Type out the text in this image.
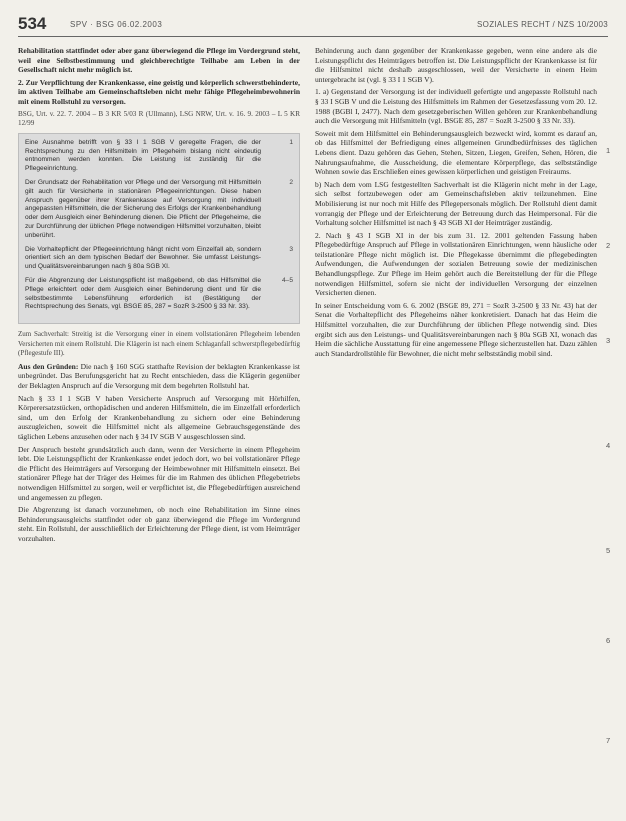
534	SPV · BSG 06.02.2003	SOZIALES RECHT / NZS 10/2003

Rehabilitation stattfindet oder aber ganz überwiegend die Pflege im Vordergrund steht, weil eine Selbstbestimmung und gleichberechtigte Teilhabe am Leben in der Gesellschaft nicht mehr möglich ist.

2. Zur Verpflichtung der Krankenkasse, eine geistig und körperlich schwerstbehinderte, im aktiven Teilhabe am Gemeinschaftsleben nicht mehr fähige Pflegeheimbewohnerin mit einem Rollstuhl zu versorgen.

BSG, Urt. v. 22. 7. 2004 – B 3 KR 5/03 R (Ullmann), LSG NRW, Urt. v. 16. 9. 2003 – L 5 KR 12/99

Eine Ausnahme betrifft von § 33 I 1 SGB V geregelte Fragen, die der Rechtsprechung zu den Hilfsmitteln im Pflegeheim bislang nicht eindeutig entnommen werden konnten. Die Leistung ist zuständig für die Pflegeeinrichtung.
1
Der Grundsatz der Rehabilitation vor Pflege und der Versorgung mit Hilfsmitteln gilt auch für Versicherte in stationären Pflegeeinrichtungen. Diese haben Anspruch gegenüber ihrer Krankenkasse auf Versorgung mit individuell angepassten Hilfsmitteln, die der Sicherung des Erfolgs der Krankenbehandlung oder dem Ausgleich einer Behinderung dienen. Die Pflicht der Pflegeheime, die zur Durchführung der üblichen Pflege notwendigen Hilfsmittel vorzuhalten, bleibt unberührt.
2
Die Vorhaltepflicht der Pflegeeinrichtung hängt nicht vom Einzelfall ab, sondern orientiert sich an dem typischen Bedarf der Bewohner. Sie umfasst Leistungs- und Qualitätsvereinbarungen nach § 80a SGB XI.
3
Für die Abgrenzung der Leistungspflicht ist maßgebend, ob das Hilfsmittel die Pflege erleichtert oder dem Ausgleich einer Behinderung dient und für die selbstbestimmte Lebensführung erforderlich ist (Bestätigung der Rechtsprechung des Senats, vgl. BSGE 85, 287 = SozR 3-2500 § 33 Nr. 33).
4–5

Zum Sachverhalt: Streitig ist die Versorgung einer in einem vollstationären Pflegeheim lebenden Versicherten mit einem Rollstuhl. Die Klägerin ist nach einem Schlaganfall schwerstpflegebedürftig (Pflegestufe III).

Aus den Gründen: Die nach § 160 SGG statthafte Revision der beklagten Krankenkasse ist unbegründet. Das Berufungsgericht hat zu Recht entschieden, dass die Klägerin gegenüber der Beklagten Anspruch auf die Versorgung mit dem begehrten Rollstuhl hat.

Nach § 33 I 1 SGB V haben Versicherte Anspruch auf Versorgung mit Hörhilfen, Körperersatzstücken, orthopädischen und anderen Hilfsmitteln, die im Einzelfall erforderlich sind, um den Erfolg der Krankenbehandlung zu sichern oder eine Behinderung auszugleichen, soweit die Hilfsmittel nicht als allgemeine Gebrauchsgegenstände des täglichen Lebens anzusehen oder nach § 34 IV SGB V ausgeschlossen sind.

Der Anspruch besteht grundsätzlich auch dann, wenn der Versicherte in einem Pflegeheim lebt. Die Leistungspflicht der Krankenkasse endet jedoch dort, wo bei vollstationärer Pflege die Pflicht des Heimträgers auf Versorgung der Heimbewohner mit Hilfsmitteln einsetzt. Bei stationärer Pflege hat der Träger des Heimes für die im Rahmen des üblichen Pflegebetriebs notwendigen Hilfsmittel zu sorgen, weil er verpflichtet ist, die Pflegebedürftigen ausreichend und angemessen zu pflegen.

Die Abgrenzung ist danach vorzunehmen, ob noch eine Rehabilitation im Sinne eines Behinderungsausgleichs stattfindet oder ob ganz überwiegend die Pflege im Vordergrund steht. Ein Rollstuhl, der ausschließlich der Erleichterung der Pflege dient, ist vom Heimträger vorzuhalten.

Behinderung auch dann gegenüber der Krankenkasse gegeben, wenn eine andere als die Leistungspflicht des Heimträgers betroffen ist. Die Leistungspflicht der Krankenkasse ist für die Hilfsmittel nicht deshalb ausgeschlossen, weil der Versicherte in einem Heim untergebracht ist (vgl. § 33 I 1 SGB V).

1. a) Gegenstand der Versorgung ist der individuell gefertigte und angepasste Rollstuhl nach § 33 I SGB V und die Leistung des Hilfsmittels im Rahmen der Gesetzesfassung vom 20. 12. 1988 (BGBl I, 2477). Nach dem gesetzgeberischen Willen gehören zur Krankenbehandlung auch die Versorgung mit Hilfsmitteln (vgl. BSGE 85, 287 = SozR 3-2500 § 33 Nr. 33).

Soweit mit dem Hilfsmittel ein Behinderungsausgleich bezweckt wird, kommt es darauf an, ob das Hilfsmittel der Befriedigung eines allgemeinen Grundbedürfnisses des täglichen Lebens dient. Dazu gehören das Gehen, Stehen, Sitzen, Liegen, Greifen, Sehen, Hören, die Nahrungsaufnahme, die Ausscheidung, die elementare Körperpflege, das selbstständige Wohnen sowie das Erschließen eines gewissen körperlichen und geistigen Freiraums.

b) Nach dem vom LSG festgestellten Sachverhalt ist die Klägerin nicht mehr in der Lage, sich selbst fortzubewegen oder am Gemeinschaftsleben aktiv teilzunehmen. Eine Mobilisierung ist nur noch mit Hilfe des Pflegepersonals möglich. Der Rollstuhl dient damit vorrangig der Pflege und der Erleichterung der Betreuung durch das Heimpersonal. Für die Vorhaltung solcher Hilfsmittel ist nach § 43 SGB XI der Heimträger zuständig.

2. Nach § 43 I SGB XI in der bis zum 31. 12. 2001 geltenden Fassung haben Pflegebedürftige Anspruch auf Pflege in vollstationären Einrichtungen, wenn häusliche oder teilstationäre Pflege nicht möglich ist. Die Pflegekasse übernimmt die pflegebedingten Aufwendungen, die Aufwendungen der sozialen Betreuung sowie der medizinischen Behandlungspflege. Zur Pflege im Heim gehört auch die Bereitstellung der für die Pflege notwendigen Hilfsmittel, sofern sie nicht der individuellen Versorgung der einzelnen Versicherten dienen.

In seiner Entscheidung vom 6. 6. 2002 (BSGE 89, 271 = SozR 3-2500 § 33 Nr. 43) hat der Senat die Vorhaltepflicht des Pflegeheims näher konkretisiert. Danach hat das Heim die Hilfsmittel vorzuhalten, die zur Durchführung der üblichen Pflege notwendig sind. Dies ergibt sich aus den Leistungs- und Qualitätsvereinbarungen nach § 80a SGB XI, wonach das Heim die sächliche Ausstattung für eine angemessene Pflege sicherzustellen hat. Dazu zählen auch Standardrollstühle für Bewohner, die nicht mehr selbstständig mobil sind.

1
2
3
4
5
6
7
